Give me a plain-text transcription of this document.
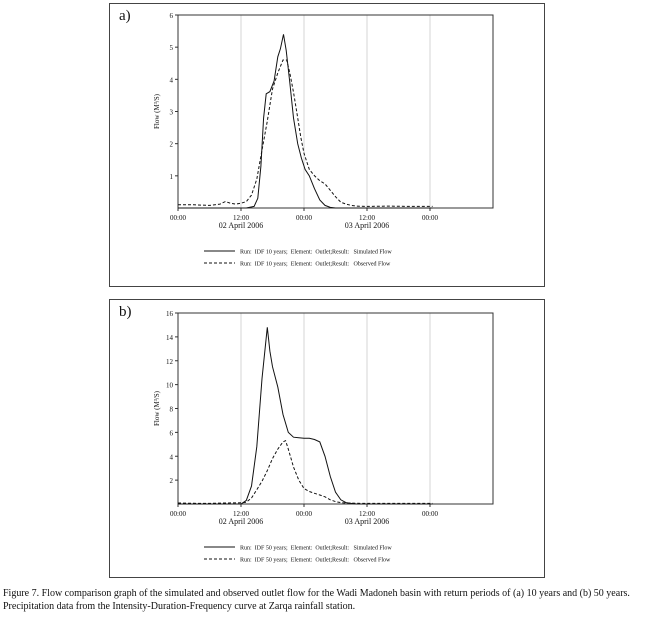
a)
1
2
3
4
5
6
Flow (M³/S)
00:00	12:00	00:00	12:00	00:00
02 April 2006	03 April 2006
Run:  IDF 10 years;  Element:  Outlet;Result:   Simulated Flow
Run:  IDF 10 years;  Element:  Outlet;Result:   Observed Flow
b)
2
4
6
8
10
12
14
16
Flow (M³/S)
00:00	12:00	00:00	12:00	00:00
02 April 2006	03 April 2006
Run:  IDF 50 years;  Element:  Outlet;Result:   Simulated Flow
Run:  IDF 50 years;  Element:  Outlet;Result:   Observed Flow
Figure 7. Flow comparison graph of the simulated and observed outlet flow for the Wadi Madoneh basin with return periods of (a) 10 years and (b) 50 years. Precipitation data from the Intensity-Duration-Frequency curve at Zarqa rainfall station.
